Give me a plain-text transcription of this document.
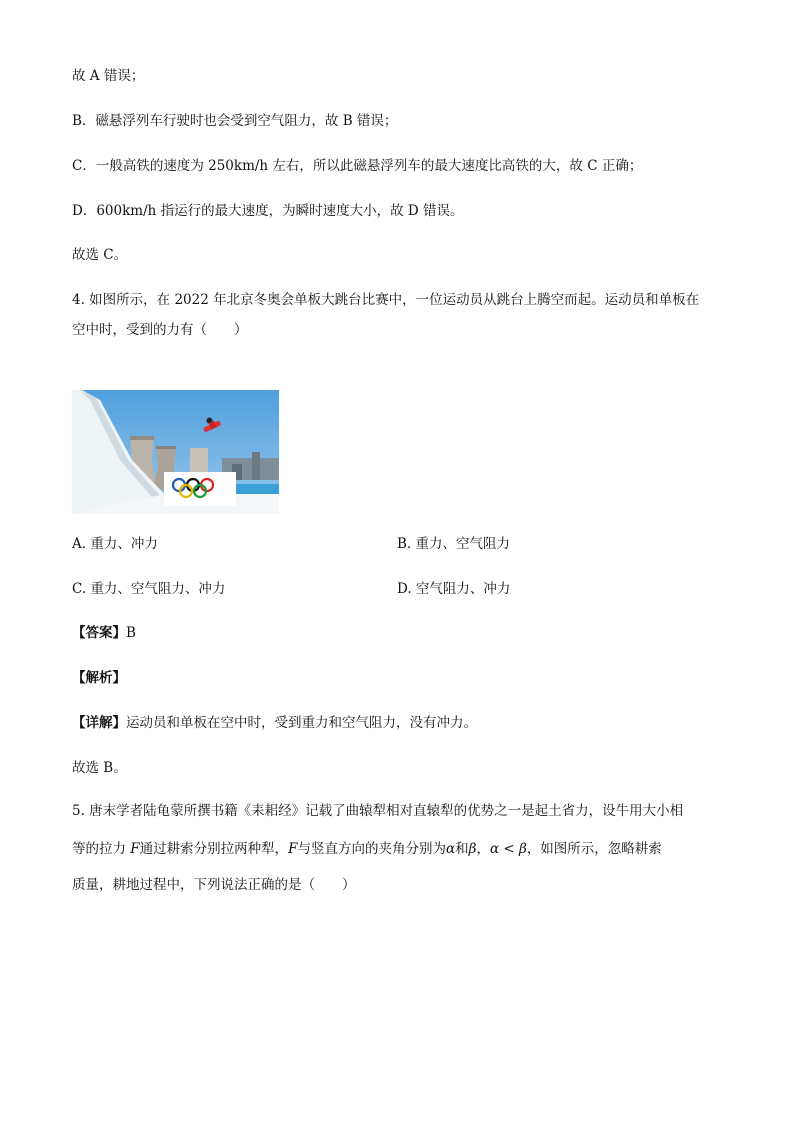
故 A 错误；
B．磁悬浮列车行驶时也会受到空气阻力，故 B 错误；
C．一般高铁的速度为 250km/h 左右，所以此磁悬浮列车的最大速度比高铁的大，故 C 正确；
D．600km/h 指运行的最大速度，为瞬时速度大小，故 D 错误。
故选 C。
4. 如图所示，在 2022 年北京冬奥会单板大跳台比赛中，一位运动员从跳台上腾空而起。运动员和单板在
空中时，受到的力有（　　）
A. 重力、冲力	B. 重力、空气阻力
C. 重力、空气阻力、冲力	D. 空气阻力、冲力
【答案】B
【解析】
【详解】运动员和单板在空中时，受到重力和空气阻力，没有冲力。
故选 B。
5. 唐末学者陆龟蒙所撰书籍《耒耜经》记载了曲辕犁相对直辕犁的优势之一是起土省力，设牛用大小相
等的拉力 F通过耕索分别拉两种犁，F与竖直方向的夹角分别为α和β，α < β，如图所示，忽略耕索
质量，耕地过程中，下列说法正确的是（　　）
